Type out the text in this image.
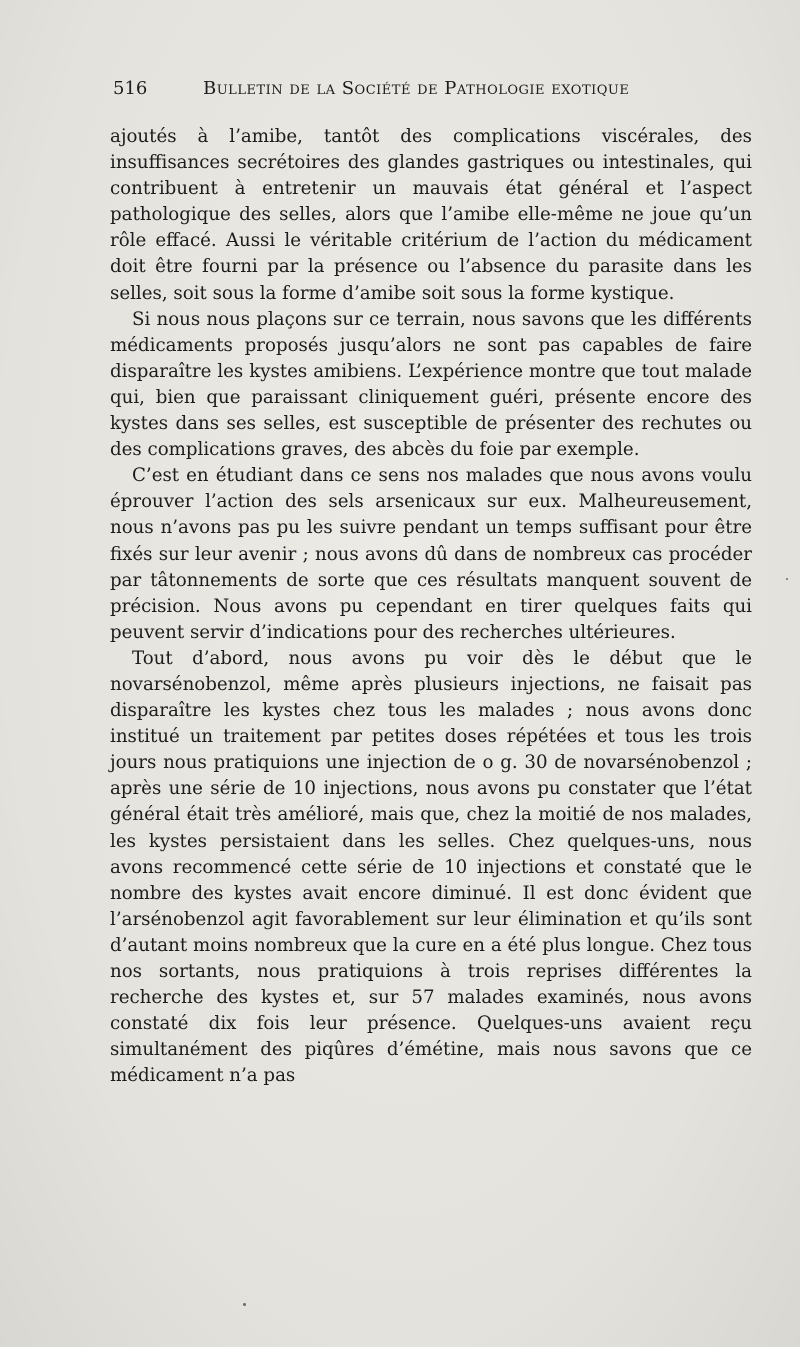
516	Bulletin de la Société de Pathologie exotique

ajoutés à l’amibe, tantôt des complications viscérales, des insuffisances secrétoires des glandes gastriques ou intestinales, qui contribuent à entretenir un mauvais état général et l’aspect pathologique des selles, alors que l’amibe elle-même ne joue qu’un rôle effacé. Aussi le véritable critérium de l’action du médicament doit être fourni par la présence ou l’absence du parasite dans les selles, soit sous la forme d’amibe soit sous la forme kystique.

Si nous nous plaçons sur ce terrain, nous savons que les différents médicaments proposés jusqu’alors ne sont pas capables de faire disparaître les kystes amibiens. L’expérience montre que tout malade qui, bien que paraissant cliniquement guéri, présente encore des kystes dans ses selles, est susceptible de présenter des rechutes ou des complications graves, des abcès du foie par exemple.

C’est en étudiant dans ce sens nos malades que nous avons voulu éprouver l’action des sels arsenicaux sur eux. Malheureusement, nous n’avons pas pu les suivre pendant un temps suffisant pour être fixés sur leur avenir ; nous avons dû dans de nombreux cas procéder par tâtonnements de sorte que ces résultats manquent souvent de précision. Nous avons pu cependant en tirer quelques faits qui peuvent servir d’indications pour des recherches ultérieures.

Tout d’abord, nous avons pu voir dès le début que le novarsénobenzol, même après plusieurs injections, ne faisait pas disparaître les kystes chez tous les malades ; nous avons donc institué un traitement par petites doses répétées et tous les trois jours nous pratiquions une injection de o g. 30 de novarsénobenzol ; après une série de 10 injections, nous avons pu constater que l’état général était très amélioré, mais que, chez la moitié de nos malades, les kystes persistaient dans les selles. Chez quelques-uns, nous avons recommencé cette série de 10 injections et constaté que le nombre des kystes avait encore diminué. Il est donc évident que l’arsénobenzol agit favorablement sur leur élimination et qu’ils sont d’autant moins nombreux que la cure en a été plus longue. Chez tous nos sortants, nous pratiquions à trois reprises différentes la recherche des kystes et, sur 57 malades examinés, nous avons constaté dix fois leur présence. Quelques-uns avaient reçu simultanément des piqûres d’émétine, mais nous savons que ce médicament n’a pas
